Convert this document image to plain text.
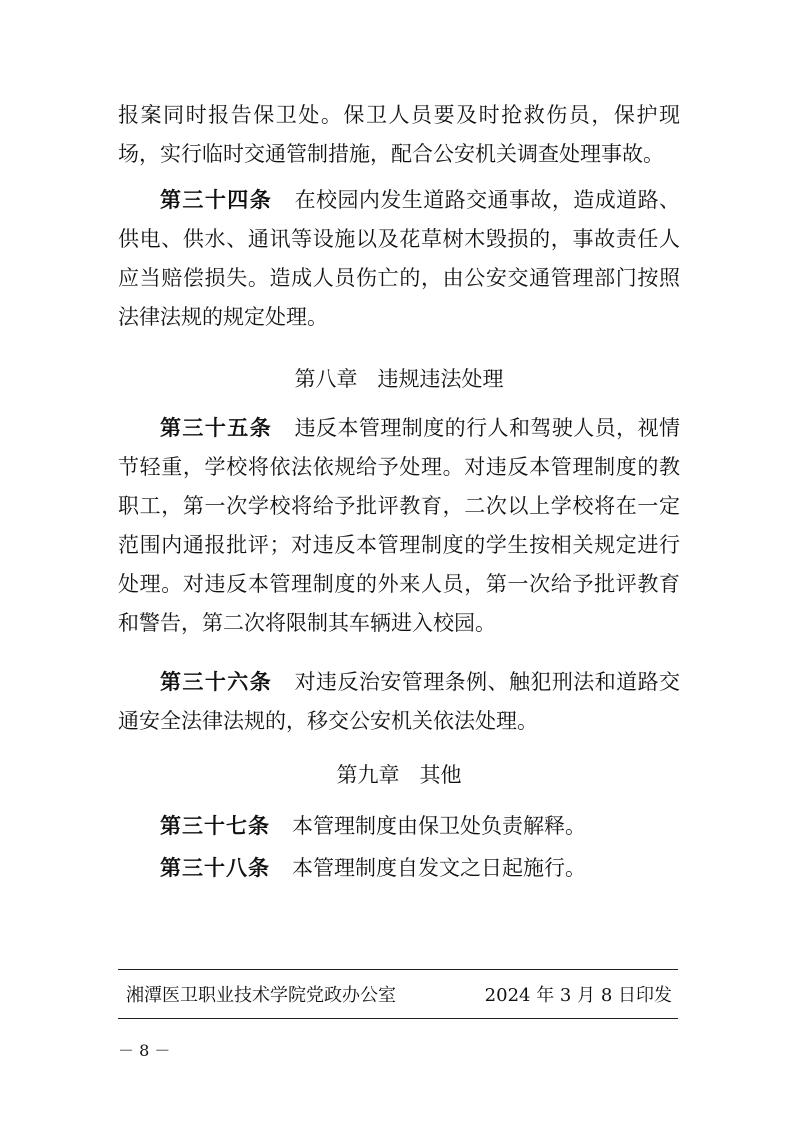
报案同时报告保卫处。保卫人员要及时抢救伤员，保护现场，实行临时交通管制措施，配合公安机关调查处理事故。

第三十四条 在校园内发生道路交通事故，造成道路、供电、供水、通讯等设施以及花草树木毁损的，事故责任人应当赔偿损失。造成人员伤亡的，由公安交通管理部门按照法律法规的规定处理。

第八章 违规违法处理

第三十五条 违反本管理制度的行人和驾驶人员，视情节轻重，学校将依法依规给予处理。对违反本管理制度的教职工，第一次学校将给予批评教育，二次以上学校将在一定范围内通报批评；对违反本管理制度的学生按相关规定进行处理。对违反本管理制度的外来人员，第一次给予批评教育和警告，第二次将限制其车辆进入校园。

第三十六条 对违反治安管理条例、触犯刑法和道路交通安全法律法规的，移交公安机关依法处理。

第九章 其他

第三十七条 本管理制度由保卫处负责解释。

第三十八条 本管理制度自发文之日起施行。

湘潭医卫职业技术学院党政办公室	2024 年 3 月 8 日印发
－ 8 －
